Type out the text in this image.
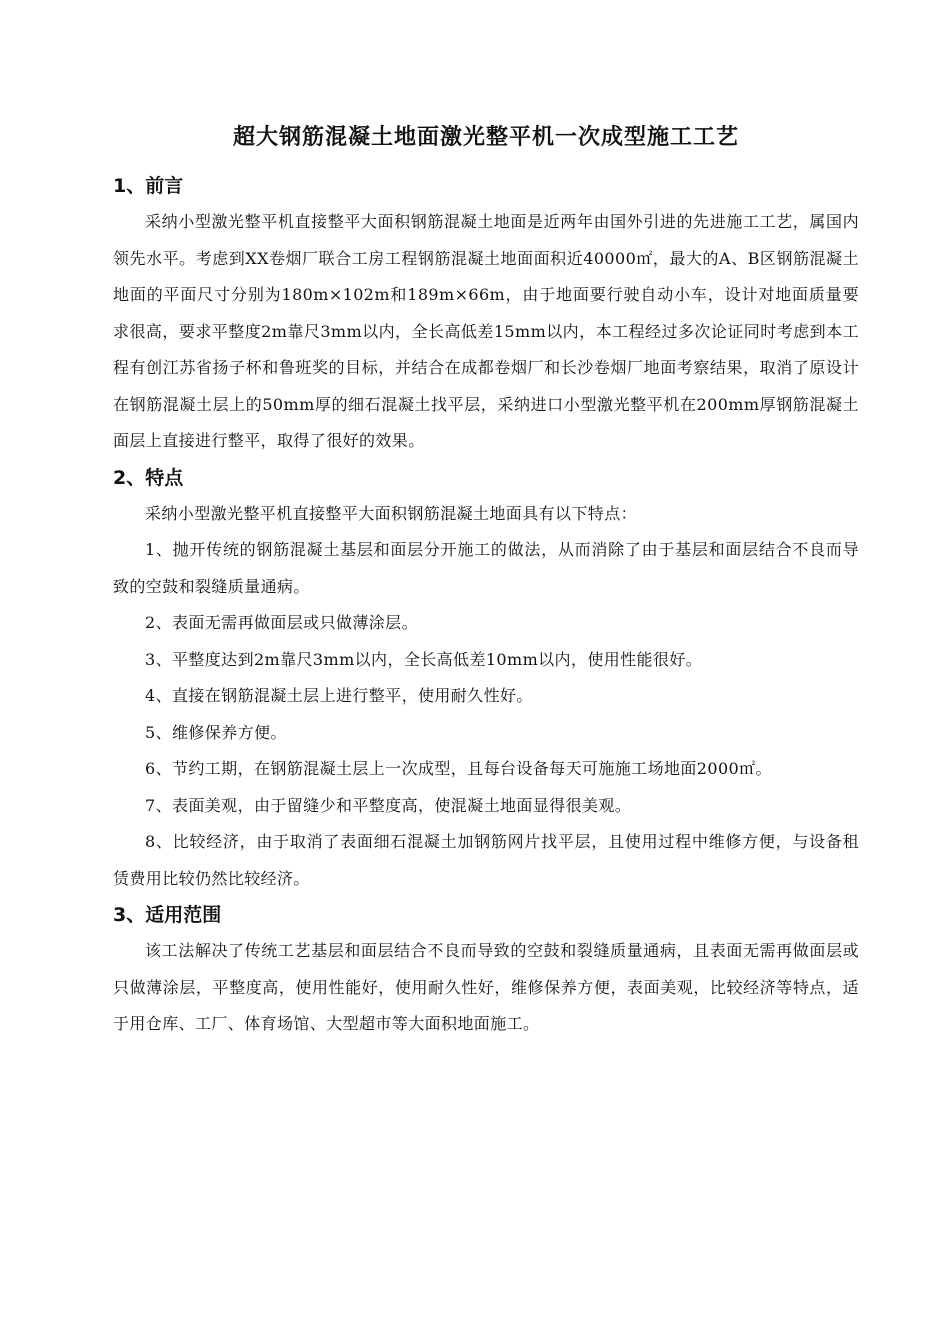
超大钢筋混凝土地面激光整平机一次成型施工工艺
1、前言

采纳小型激光整平机直接整平大面积钢筋混凝土地面是近两年由国外引进的先进施工工艺，属国内领先水平。考虑到XX卷烟厂联合工房工程钢筋混凝土地面面积近40000㎡，最大的A、B区钢筋混凝土地面的平面尺寸分别为180m×102m和189m×66m，由于地面要行驶自动小车，设计对地面质量要求很高，要求平整度2m靠尺3mm以内，全长高低差15mm以内，本工程经过多次论证同时考虑到本工程有创江苏省扬子杯和鲁班奖的目标，并结合在成都卷烟厂和长沙卷烟厂地面考察结果，取消了原设计在钢筋混凝土层上的50mm厚的细石混凝土找平层，采纳进口小型激光整平机在200mm厚钢筋混凝土面层上直接进行整平，取得了很好的效果。

2、特点

采纳小型激光整平机直接整平大面积钢筋混凝土地面具有以下特点：

1、抛开传统的钢筋混凝土基层和面层分开施工的做法，从而消除了由于基层和面层结合不良而导致的空鼓和裂缝质量通病。

2、表面无需再做面层或只做薄涂层。

3、平整度达到2m靠尺3mm以内，全长高低差10mm以内，使用性能很好。

4、直接在钢筋混凝土层上进行整平，使用耐久性好。

5、维修保养方便。

6、节约工期，在钢筋混凝土层上一次成型，且每台设备每天可施施工场地面2000㎡。

7、表面美观，由于留缝少和平整度高，使混凝土地面显得很美观。

8、比较经济，由于取消了表面细石混凝土加钢筋网片找平层，且使用过程中维修方便，与设备租赁费用比较仍然比较经济。

3、适用范围

该工法解决了传统工艺基层和面层结合不良而导致的空鼓和裂缝质量通病，且表面无需再做面层或只做薄涂层，平整度高，使用性能好，使用耐久性好，维修保养方便，表面美观，比较经济等特点，适于用仓库、工厂、体育场馆、大型超市等大面积地面施工。
